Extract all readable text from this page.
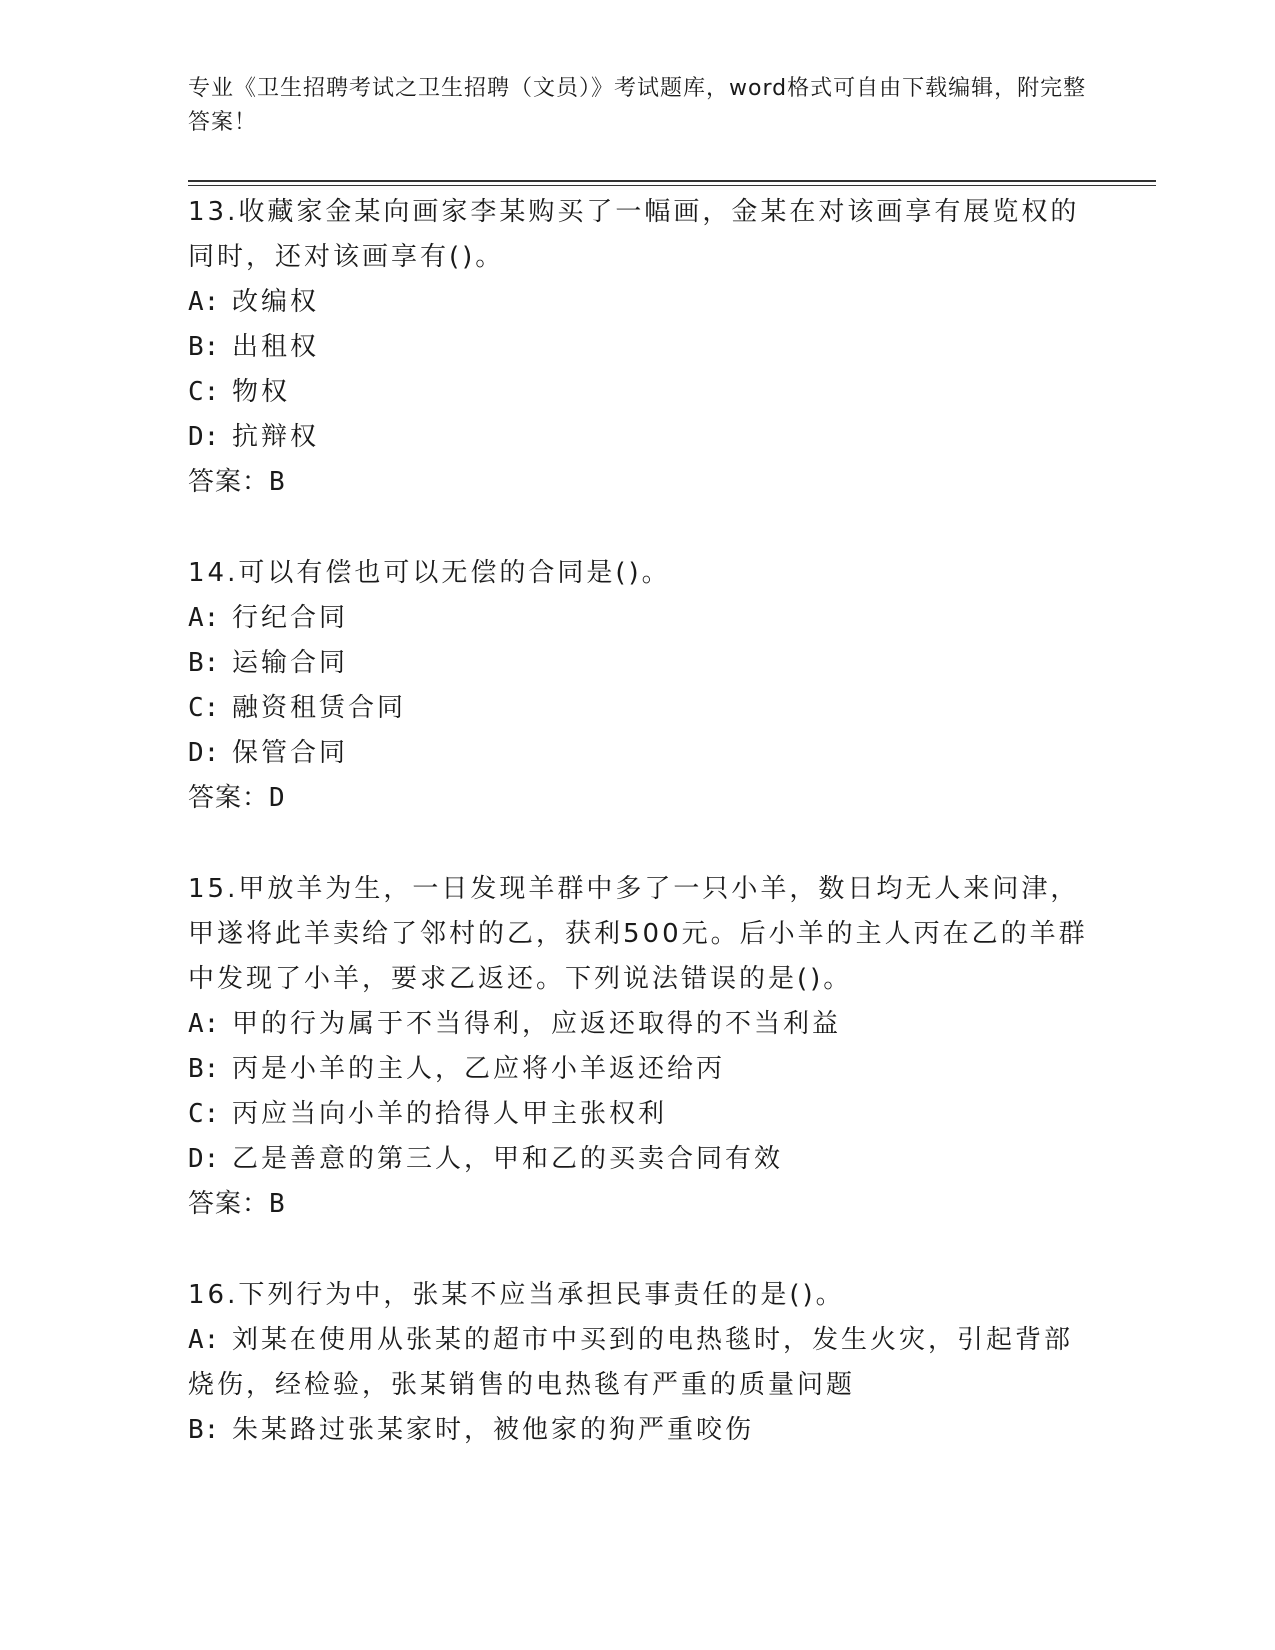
专业《卫生招聘考试之卫生招聘（文员）》考试题库，word格式可自由下载编辑，附完整答案！

13.收藏家金某向画家李某购买了一幅画，金某在对该画享有展览权的同时，还对该画享有()。

A: 改编权

B: 出租权

C: 物权

D: 抗辩权

答案：B

14.可以有偿也可以无偿的合同是()。

A: 行纪合同

B: 运输合同

C: 融资租赁合同

D: 保管合同

答案：D

15.甲放羊为生，一日发现羊群中多了一只小羊，数日均无人来问津，甲遂将此羊卖给了邻村的乙，获利500元。后小羊的主人丙在乙的羊群中发现了小羊，要求乙返还。下列说法错误的是()。

A: 甲的行为属于不当得利，应返还取得的不当利益

B: 丙是小羊的主人，乙应将小羊返还给丙

C: 丙应当向小羊的拾得人甲主张权利

D: 乙是善意的第三人，甲和乙的买卖合同有效

答案：B

16.下列行为中，张某不应当承担民事责任的是()。

A: 刘某在使用从张某的超市中买到的电热毯时，发生火灾，引起背部烧伤，经检验，张某销售的电热毯有严重的质量问题

B: 朱某路过张某家时，被他家的狗严重咬伤
